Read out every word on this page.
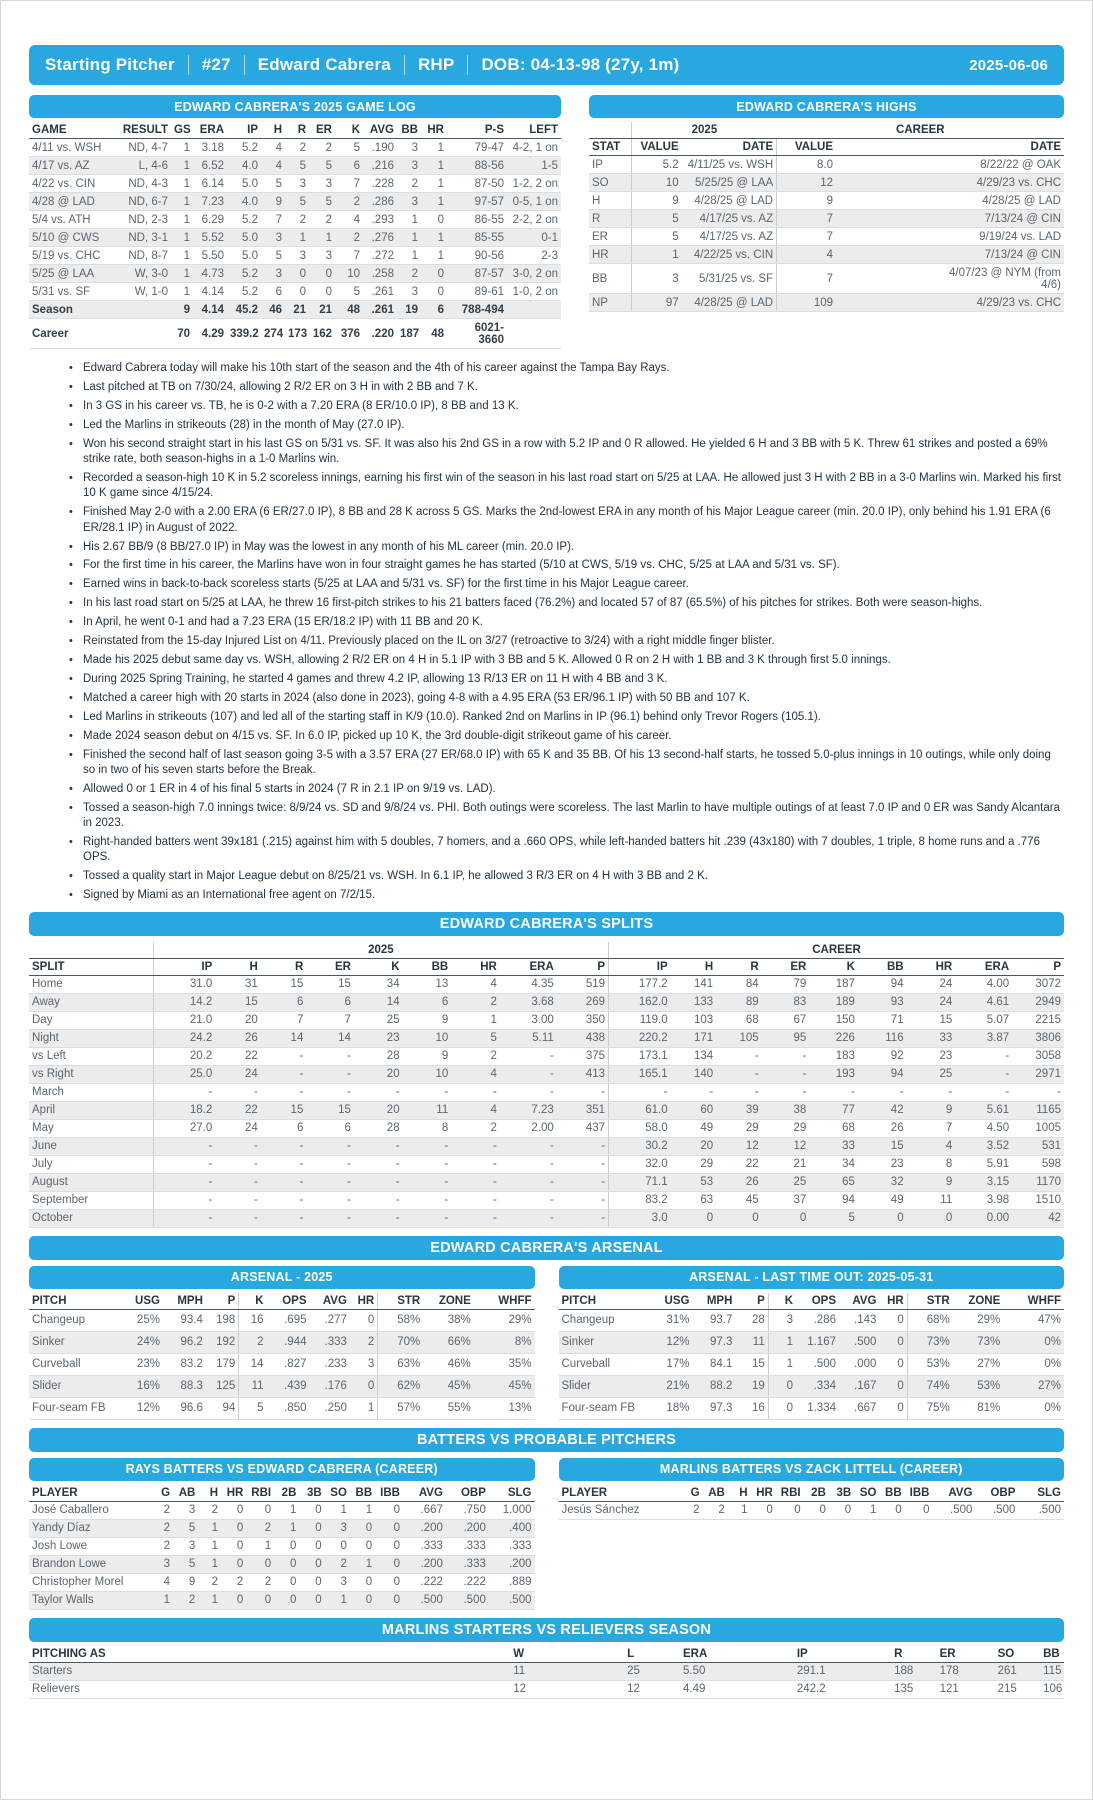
Starting Pitcher #27 Edward Cabrera RHP DOB: 04-13-98 (27y, 1m)	2025-06-06
EDWARD CABRERA'S 2025 GAME LOG
GAME	RESULT	GS	ERA	IP	H	R	ER	K	AVG	BB	HR	P-S	LEFT
4/11 vs. WSH	ND, 4-7	1	3.18	5.2	4	2	2	5	.190	3	1	79-47	4-2, 1 on
4/17 vs. AZ	L, 4-6	1	6.52	4.0	4	5	5	6	.216	3	1	88-56	1-5
4/22 vs. CIN	ND, 4-3	1	6.14	5.0	5	3	3	7	.228	2	1	87-50	1-2, 2 on
4/28 @ LAD	ND, 6-7	1	7.23	4.0	9	5	5	2	.286	3	1	97-57	0-5, 1 on
5/4 vs. ATH	ND, 2-3	1	6.29	5.2	7	2	2	4	.293	1	0	86-55	2-2, 2 on
5/10 @ CWS	ND, 3-1	1	5.52	5.0	3	1	1	2	.276	1	1	85-55	0-1
5/19 vs. CHC	ND, 8-7	1	5.50	5.0	5	3	3	7	.272	1	1	90-56	2-3
5/25 @ LAA	W, 3-0	1	4.73	5.2	3	0	0	10	.258	2	0	87-57	3-0, 2 on
5/31 vs. SF	W, 1-0	1	4.14	5.2	6	0	0	5	.261	3	0	89-61	1-0, 2 on
Season		9	4.14	45.2	46	21	21	48	.261	19	6	788-494	
Career		70	4.29	339.2	274	173	162	376	.220	187	48	6021-3660	
EDWARD CABRERA'S HIGHS
	2025		CAREER	
STAT	VALUE	DATE	VALUE	DATE
IP	5.2	4/11/25 vs. WSH	8.0	8/22/22 @ OAK
SO	10	5/25/25 @ LAA	12	4/29/23 vs. CHC
H	9	4/28/25 @ LAD	9	4/28/25 @ LAD
R	5	4/17/25 vs. AZ	7	7/13/24 @ CIN
ER	5	4/17/25 vs. AZ	7	9/19/24 vs. LAD
HR	1	4/22/25 vs. CIN	4	7/13/24 @ CIN
BB	3	5/31/25 vs. SF	7	4/07/23 @ NYM (from 4/6)
NP	97	4/28/25 @ LAD	109	4/29/23 vs. CHC
• Edward Cabrera today will make his 10th start of the season and the 4th of his career against the Tampa Bay Rays.
• Last pitched at TB on 7/30/24, allowing 2 R/2 ER on 3 H in with 2 BB and 7 K.
• In 3 GS in his career vs. TB, he is 0-2 with a 7.20 ERA (8 ER/10.0 IP), 8 BB and 13 K.
• Led the Marlins in strikeouts (28) in the month of May (27.0 IP).
• Won his second straight start in his last GS on 5/31 vs. SF. It was also his 2nd GS in a row with 5.2 IP and 0 R allowed. He yielded 6 H and 3 BB with 5 K. Threw 61 strikes and posted a 69% strike rate, both season-highs in a 1-0 Marlins win.
• Recorded a season-high 10 K in 5.2 scoreless innings, earning his first win of the season in his last road start on 5/25 at LAA. He allowed just 3 H with 2 BB in a 3-0 Marlins win. Marked his first 10 K game since 4/15/24.
• Finished May 2-0 with a 2.00 ERA (6 ER/27.0 IP), 8 BB and 28 K across 5 GS. Marks the 2nd-lowest ERA in any month of his Major League career (min. 20.0 IP), only behind his 1.91 ERA (6 ER/28.1 IP) in August of 2022.
• His 2.67 BB/9 (8 BB/27.0 IP) in May was the lowest in any month of his ML career (min. 20.0 IP).
• For the first time in his career, the Marlins have won in four straight games he has started (5/10 at CWS, 5/19 vs. CHC, 5/25 at LAA and 5/31 vs. SF).
• Earned wins in back-to-back scoreless starts (5/25 at LAA and 5/31 vs. SF) for the first time in his Major League career.
• In his last road start on 5/25 at LAA, he threw 16 first-pitch strikes to his 21 batters faced (76.2%) and located 57 of 87 (65.5%) of his pitches for strikes. Both were season-highs.
• In April, he went 0-1 and had a 7.23 ERA (15 ER/18.2 IP) with 11 BB and 20 K.
• Reinstated from the 15-day Injured List on 4/11. Previously placed on the IL on 3/27 (retroactive to 3/24) with a right middle finger blister.
• Made his 2025 debut same day vs. WSH, allowing 2 R/2 ER on 4 H in 5.1 IP with 3 BB and 5 K. Allowed 0 R on 2 H with 1 BB and 3 K through first 5.0 innings.
• During 2025 Spring Training, he started 4 games and threw 4.2 IP, allowing 13 R/13 ER on 11 H with 4 BB and 3 K.
• Matched a career high with 20 starts in 2024 (also done in 2023), going 4-8 with a 4.95 ERA (53 ER/96.1 IP) with 50 BB and 107 K.
• Led Marlins in strikeouts (107) and led all of the starting staff in K/9 (10.0). Ranked 2nd on Marlins in IP (96.1) behind only Trevor Rogers (105.1).
• Made 2024 season debut on 4/15 vs. SF. In 6.0 IP, picked up 10 K, the 3rd double-digit strikeout game of his career.
• Finished the second half of last season going 3-5 with a 3.57 ERA (27 ER/68.0 IP) with 65 K and 35 BB. Of his 13 second-half starts, he tossed 5.0-plus innings in 10 outings, while only doing so in two of his seven starts before the Break.
• Allowed 0 or 1 ER in 4 of his final 5 starts in 2024 (7 R in 2.1 IP on 9/19 vs. LAD).
• Tossed a season-high 7.0 innings twice: 8/9/24 vs. SD and 9/8/24 vs. PHI. Both outings were scoreless. The last Marlin to have multiple outings of at least 7.0 IP and 0 ER was Sandy Alcantara in 2023.
• Right-handed batters went 39x181 (.215) against him with 5 doubles, 7 homers, and a .660 OPS, while left-handed batters hit .239 (43x180) with 7 doubles, 1 triple, 8 home runs and a .776 OPS.
• Tossed a quality start in Major League debut on 8/25/21 vs. WSH. In 6.1 IP, he allowed 3 R/3 ER on 4 H with 3 BB and 2 K.
• Signed by Miami as an International free agent on 7/2/15.
EDWARD CABRERA'S SPLITS
	2025									CAREER								
SPLIT	IP	H	R	ER	K	BB	HR	ERA	P	IP	H	R	ER	K	BB	HR	ERA	P
Home	31.0	31	15	15	34	13	4	4.35	519	177.2	141	84	79	187	94	24	4.00	3072
Away	14.2	15	6	6	14	6	2	3.68	269	162.0	133	89	83	189	93	24	4.61	2949
Day	21.0	20	7	7	25	9	1	3.00	350	119.0	103	68	67	150	71	15	5.07	2215
Night	24.2	26	14	14	23	10	5	5.11	438	220.2	171	105	95	226	116	33	3.87	3806
vs Left	20.2	22	-	-	28	9	2	-	375	173.1	134	-	-	183	92	23	-	3058
vs Right	25.0	24	-	-	20	10	4	-	413	165.1	140	-	-	193	94	25	-	2971
March	-	-	-	-	-	-	-	-	-	-	-	-	-	-	-	-	-	-
April	18.2	22	15	15	20	11	4	7.23	351	61.0	60	39	38	77	42	9	5.61	1165
May	27.0	24	6	6	28	8	2	2.00	437	58.0	49	29	29	68	26	7	4.50	1005
June	-	-	-	-	-	-	-	-	-	30.2	20	12	12	33	15	4	3.52	531
July	-	-	-	-	-	-	-	-	-	32.0	29	22	21	34	23	8	5.91	598
August	-	-	-	-	-	-	-	-	-	71.1	53	26	25	65	32	9	3.15	1170
September	-	-	-	-	-	-	-	-	-	83.2	63	45	37	94	49	11	3.98	1510
October	-	-	-	-	-	-	-	-	-	3.0	0	0	0	5	0	0	0.00	42
EDWARD CABRERA'S ARSENAL
ARSENAL - 2025
PITCH	USG	MPH	P	K	OPS	AVG	HR	STR	ZONE	WHFF
Changeup	25%	93.4	198	16	.695	.277	0	58%	38%	29%
Sinker	24%	96.2	192	2	.944	.333	2	70%	66%	8%
Curveball	23%	83.2	179	14	.827	.233	3	63%	46%	35%
Slider	16%	88.3	125	11	.439	.176	0	62%	45%	45%
Four-seam FB	12%	96.6	94	5	.850	.250	1	57%	55%	13%
ARSENAL - LAST TIME OUT: 2025-05-31
PITCH	USG	MPH	P	K	OPS	AVG	HR	STR	ZONE	WHFF
Changeup	31%	93.7	28	3	.286	.143	0	68%	29%	47%
Sinker	12%	97.3	11	1	1.167	.500	0	73%	73%	0%
Curveball	17%	84.1	15	1	.500	.000	0	53%	27%	0%
Slider	21%	88.2	19	0	.334	.167	0	74%	53%	27%
Four-seam FB	18%	97.3	16	0	1.334	.667	0	75%	81%	0%
BATTERS VS PROBABLE PITCHERS
RAYS BATTERS VS EDWARD CABRERA (CAREER)
PLAYER	G	AB	H	HR	RBI	2B	3B	SO	BB	IBB	AVG	OBP	SLG
José Caballero	2	3	2	0	0	1	0	1	1	0	.667	.750	1.000
Yandy Díaz	2	5	1	0	2	1	0	3	0	0	.200	.200	.400
Josh Lowe	2	3	1	0	1	0	0	0	0	0	.333	.333	.333
Brandon Lowe	3	5	1	0	0	0	0	2	1	0	.200	.333	.200
Christopher Morel	4	9	2	2	2	0	0	3	0	0	.222	.222	.889
Taylor Walls	1	2	1	0	0	0	0	1	0	0	.500	.500	.500
MARLINS BATTERS VS ZACK LITTELL (CAREER)
PLAYER	G	AB	H	HR	RBI	2B	3B	SO	BB	IBB	AVG	OBP	SLG
Jesús Sánchez	2	2	1	0	0	0	0	1	0	0	.500	.500	.500
MARLINS STARTERS VS RELIEVERS SEASON
PITCHING AS	W	L	ERA	IP	R	ER	SO	BB
Starters	11	25	5.50	291.1	188	178	261	115
Relievers	12	12	4.49	242.2	135	121	215	106
